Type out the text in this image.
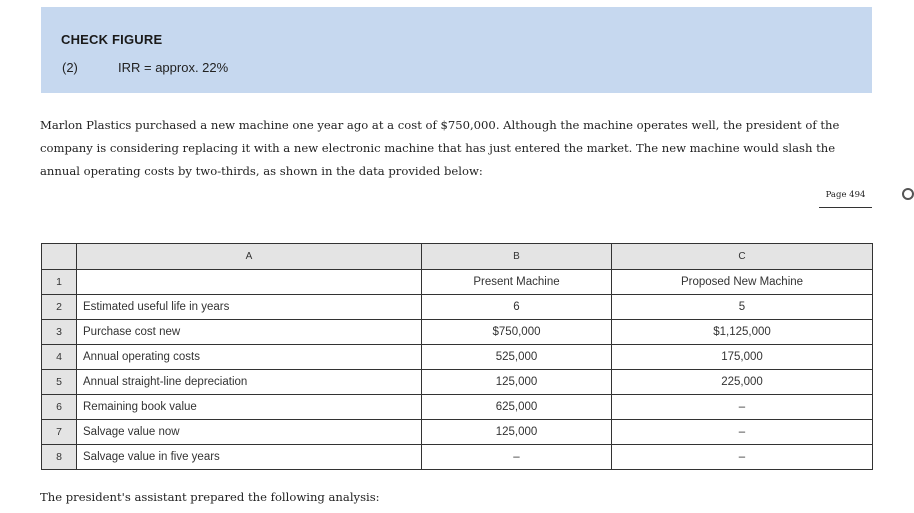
CHECK FIGURE
(2)	IRR = approx. 22%
Marlon Plastics purchased a new machine one year ago at a cost of $750,000. Although the machine operates well, the president of the
company is considering replacing it with a new electronic machine that has just entered the market. The new machine would slash the
annual operating costs by two-thirds, as shown in the data provided below:
Page 494
	A	B	C
1		Present Machine	Proposed New Machine
2	Estimated useful life in years	6	5
3	Purchase cost new	$750,000	$1,125,000
4	Annual operating costs	525,000	175,000
5	Annual straight-line depreciation	125,000	225,000
6	Remaining book value	625,000	–
7	Salvage value now	125,000	–
8	Salvage value in five years	–	–
The president's assistant prepared the following analysis:
